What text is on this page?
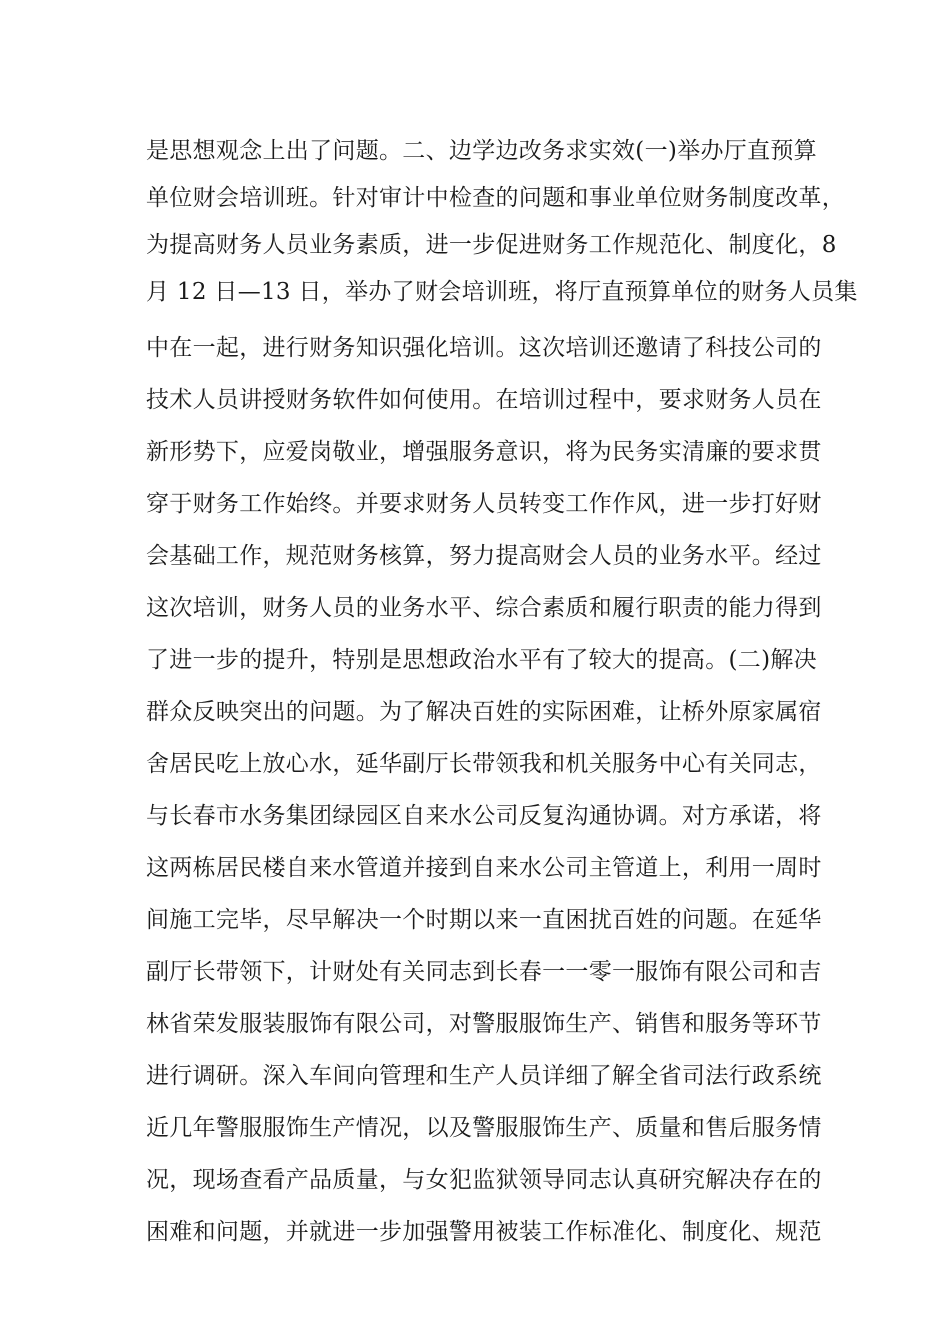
是思想观念上出了问题。二、边学边改务求实效(一)举办厅直预算
单位财会培训班。针对审计中检查的问题和事业单位财务制度改革，
为提高财务人员业务素质，进一步促进财务工作规范化、制度化，8
月 12 日—13 日，举办了财会培训班，将厅直预算单位的财务人员集
中在一起，进行财务知识强化培训。这次培训还邀请了科技公司的
技术人员讲授财务软件如何使用。在培训过程中，要求财务人员在
新形势下，应爱岗敬业，增强服务意识，将为民务实清廉的要求贯
穿于财务工作始终。并要求财务人员转变工作作风，进一步打好财
会基础工作，规范财务核算，努力提高财会人员的业务水平。经过
这次培训，财务人员的业务水平、综合素质和履行职责的能力得到
了进一步的提升，特别是思想政治水平有了较大的提高。(二)解决
群众反映突出的问题。为了解决百姓的实际困难，让桥外原家属宿
舍居民吃上放心水，延华副厅长带领我和机关服务中心有关同志，
与长春市水务集团绿园区自来水公司反复沟通协调。对方承诺，将
这两栋居民楼自来水管道并接到自来水公司主管道上，利用一周时
间施工完毕，尽早解决一个时期以来一直困扰百姓的问题。在延华
副厅长带领下，计财处有关同志到长春一一零一服饰有限公司和吉
林省荣发服装服饰有限公司，对警服服饰生产、销售和服务等环节
进行调研。深入车间向管理和生产人员详细了解全省司法行政系统
近几年警服服饰生产情况，以及警服服饰生产、质量和售后服务情
况，现场查看产品质量，与女犯监狱领导同志认真研究解决存在的
困难和问题，并就进一步加强警用被装工作标准化、制度化、规范
